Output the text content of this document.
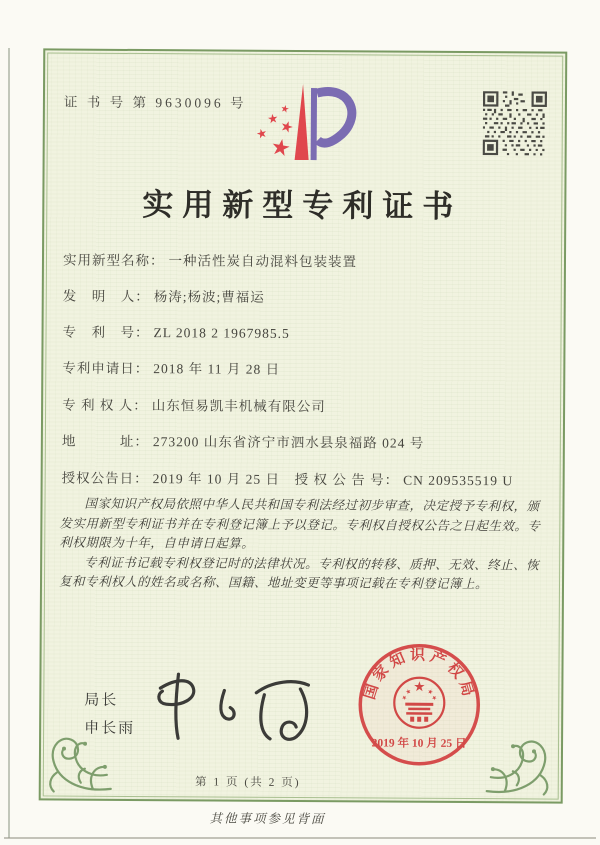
证 书 号 第 9630096 号
实用新型专利证书
实用新型名称： 一种活性炭自动混料包装装置
发　明　人： 杨涛;杨波;曹福运
专　利　号： ZL 2018 2 1967985.5
专利申请日： 2018 年 11 月 28 日
专 利 权 人： 山东恒易凯丰机械有限公司
地　　　址： 273200 山东省济宁市泗水县泉福路 024 号
授权公告日： 2019 年 10 月 25 日 授 权 公 告 号： CN 209535519 U

国家知识产权局依照中华人民共和国专利法经过初步审查，决定授予专利权，颁发实用新型专利证书并在专利登记簿上予以登记。专利权自授权公告之日起生效。专利权期限为十年，自申请日起算。

专利证书记载专利权登记时的法律状况。专利权的转移、质押、无效、终止、恢复和专利权人的姓名或名称、国籍、地址变更等事项记载在专利登记簿上。

局长
申长雨
国家知识产权局
2019 年 10 月 25 日
第 1 页 (共 2 页)
其他事项参见背面
